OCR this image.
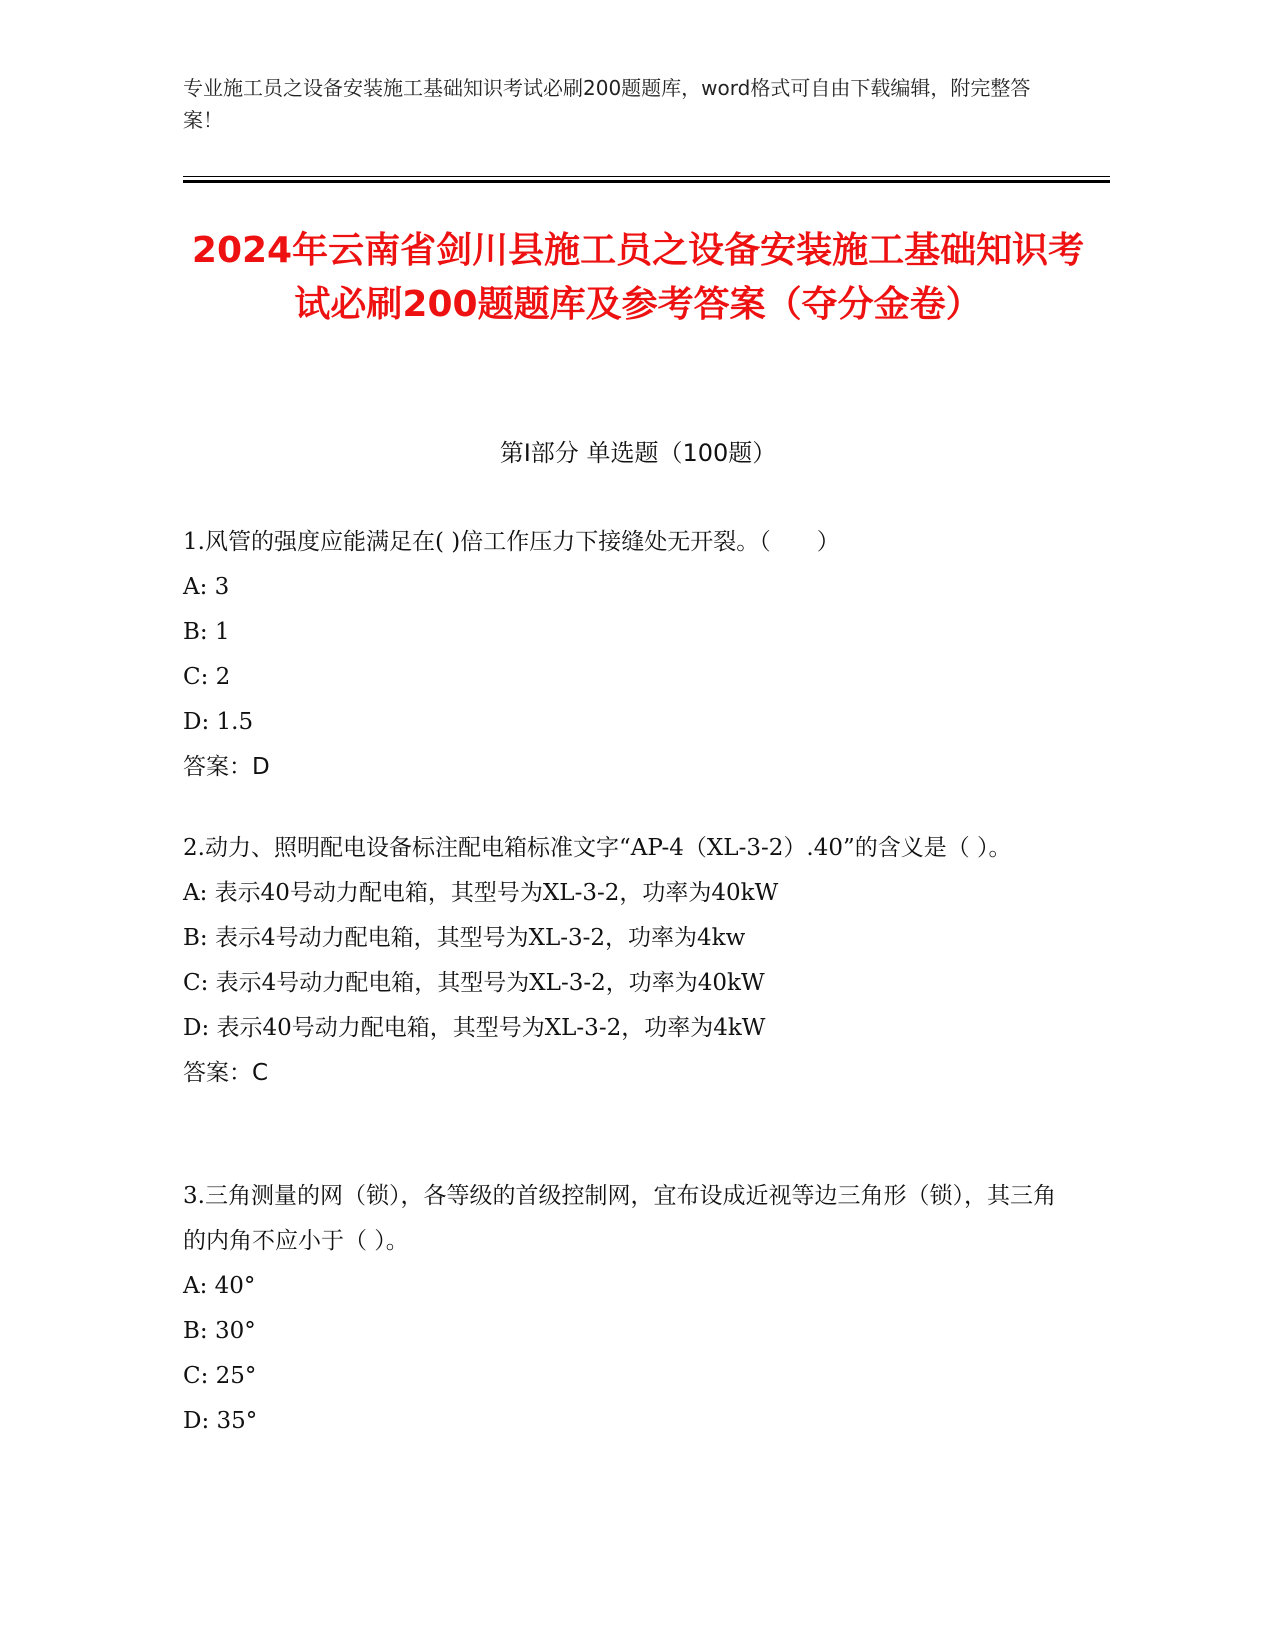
专业施工员之设备安装施工基础知识考试必刷200题题库，word格式可自由下载编辑，附完整答案！
2024年云南省剑川县施工员之设备安装施工基础知识考试必刷200题题库及参考答案（夺分金卷）
第I部分 单选题（100题）

1.风管的强度应能满足在( )倍工作压力下接缝处无开裂。（　　）

A: 3

B: 1

C: 2

D: 1.5

答案：D

2.动力、照明配电设备标注配电箱标准文字“AP-4（XL-3-2）.40”的含义是（ ）。

A: 表示40号动力配电箱，其型号为XL-3-2，功率为40kW

B: 表示4号动力配电箱，其型号为XL-3-2，功率为4kw

C: 表示4号动力配电箱，其型号为XL-3-2，功率为40kW

D: 表示40号动力配电箱，其型号为XL-3-2，功率为4kW

答案：C

3.三角测量的网（锁），各等级的首级控制网，宜布设成近视等边三角形（锁），其三角的内角不应小于（ ）。

A: 40°

B: 30°

C: 25°

D: 35°
